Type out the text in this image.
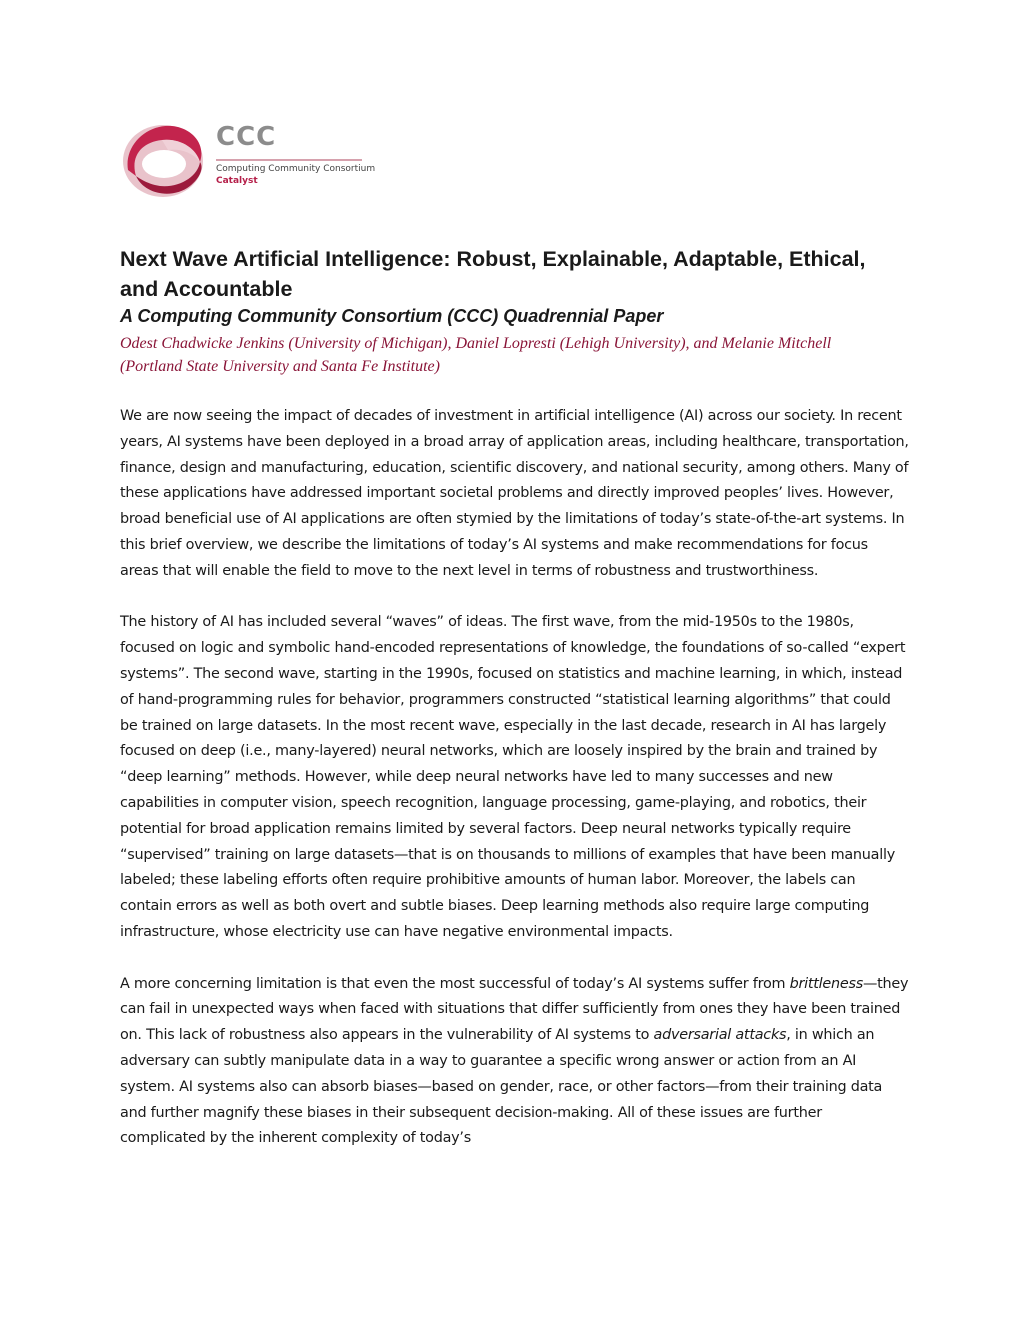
CCC
Computing Community Consortium
Catalyst
Next Wave Artificial Intelligence: Robust, Explainable, Adaptable, Ethical, and Accountable
A Computing Community Consortium (CCC) Quadrennial Paper

Odest Chadwicke Jenkins (University of Michigan), Daniel Lopresti (Lehigh University), and Melanie Mitchell (Portland State University and Santa Fe Institute)

We are now seeing the impact of decades of investment in artificial intelligence (AI) across our society. In recent years, AI systems have been deployed in a broad array of application areas, including healthcare, transportation, finance, design and manufacturing, education, scientific discovery, and national security, among others. Many of these applications have addressed important societal problems and directly improved peoples’ lives. However, broad beneficial use of AI applications are often stymied by the limitations of today’s state-of-the-art systems. In this brief overview, we describe the limitations of today’s AI systems and make recommendations for focus areas that will enable the field to move to the next level in terms of robustness and trustworthiness.

The history of AI has included several “waves” of ideas. The first wave, from the mid-1950s to the 1980s, focused on logic and symbolic hand-encoded representations of knowledge, the foundations of so-called “expert systems”. The second wave, starting in the 1990s, focused on statistics and machine learning, in which, instead of hand-programming rules for behavior, programmers constructed “statistical learning algorithms” that could be trained on large datasets. In the most recent wave, especially in the last decade, research in AI has largely focused on deep (i.e., many-layered) neural networks, which are loosely inspired by the brain and trained by “deep learning” methods. However, while deep neural networks have led to many successes and new capabilities in computer vision, speech recognition, language processing, game-playing, and robotics, their potential for broad application remains limited by several factors. Deep neural networks typically require “supervised” training on large datasets—that is on thousands to millions of examples that have been manually labeled; these labeling efforts often require prohibitive amounts of human labor. Moreover, the labels can contain errors as well as both overt and subtle biases. Deep learning methods also require large computing infrastructure, whose electricity use can have negative environmental impacts.

A more concerning limitation is that even the most successful of today’s AI systems suffer from brittleness—they can fail in unexpected ways when faced with situations that differ sufficiently from ones they have been trained on. This lack of robustness also appears in the vulnerability of AI systems to adversarial attacks, in which an adversary can subtly manipulate data in a way to guarantee a specific wrong answer or action from an AI system. AI systems also can absorb biases—based on gender, race, or other factors—from their training data and further magnify these biases in their subsequent decision-making. All of these issues are further complicated by the inherent complexity of today’s
